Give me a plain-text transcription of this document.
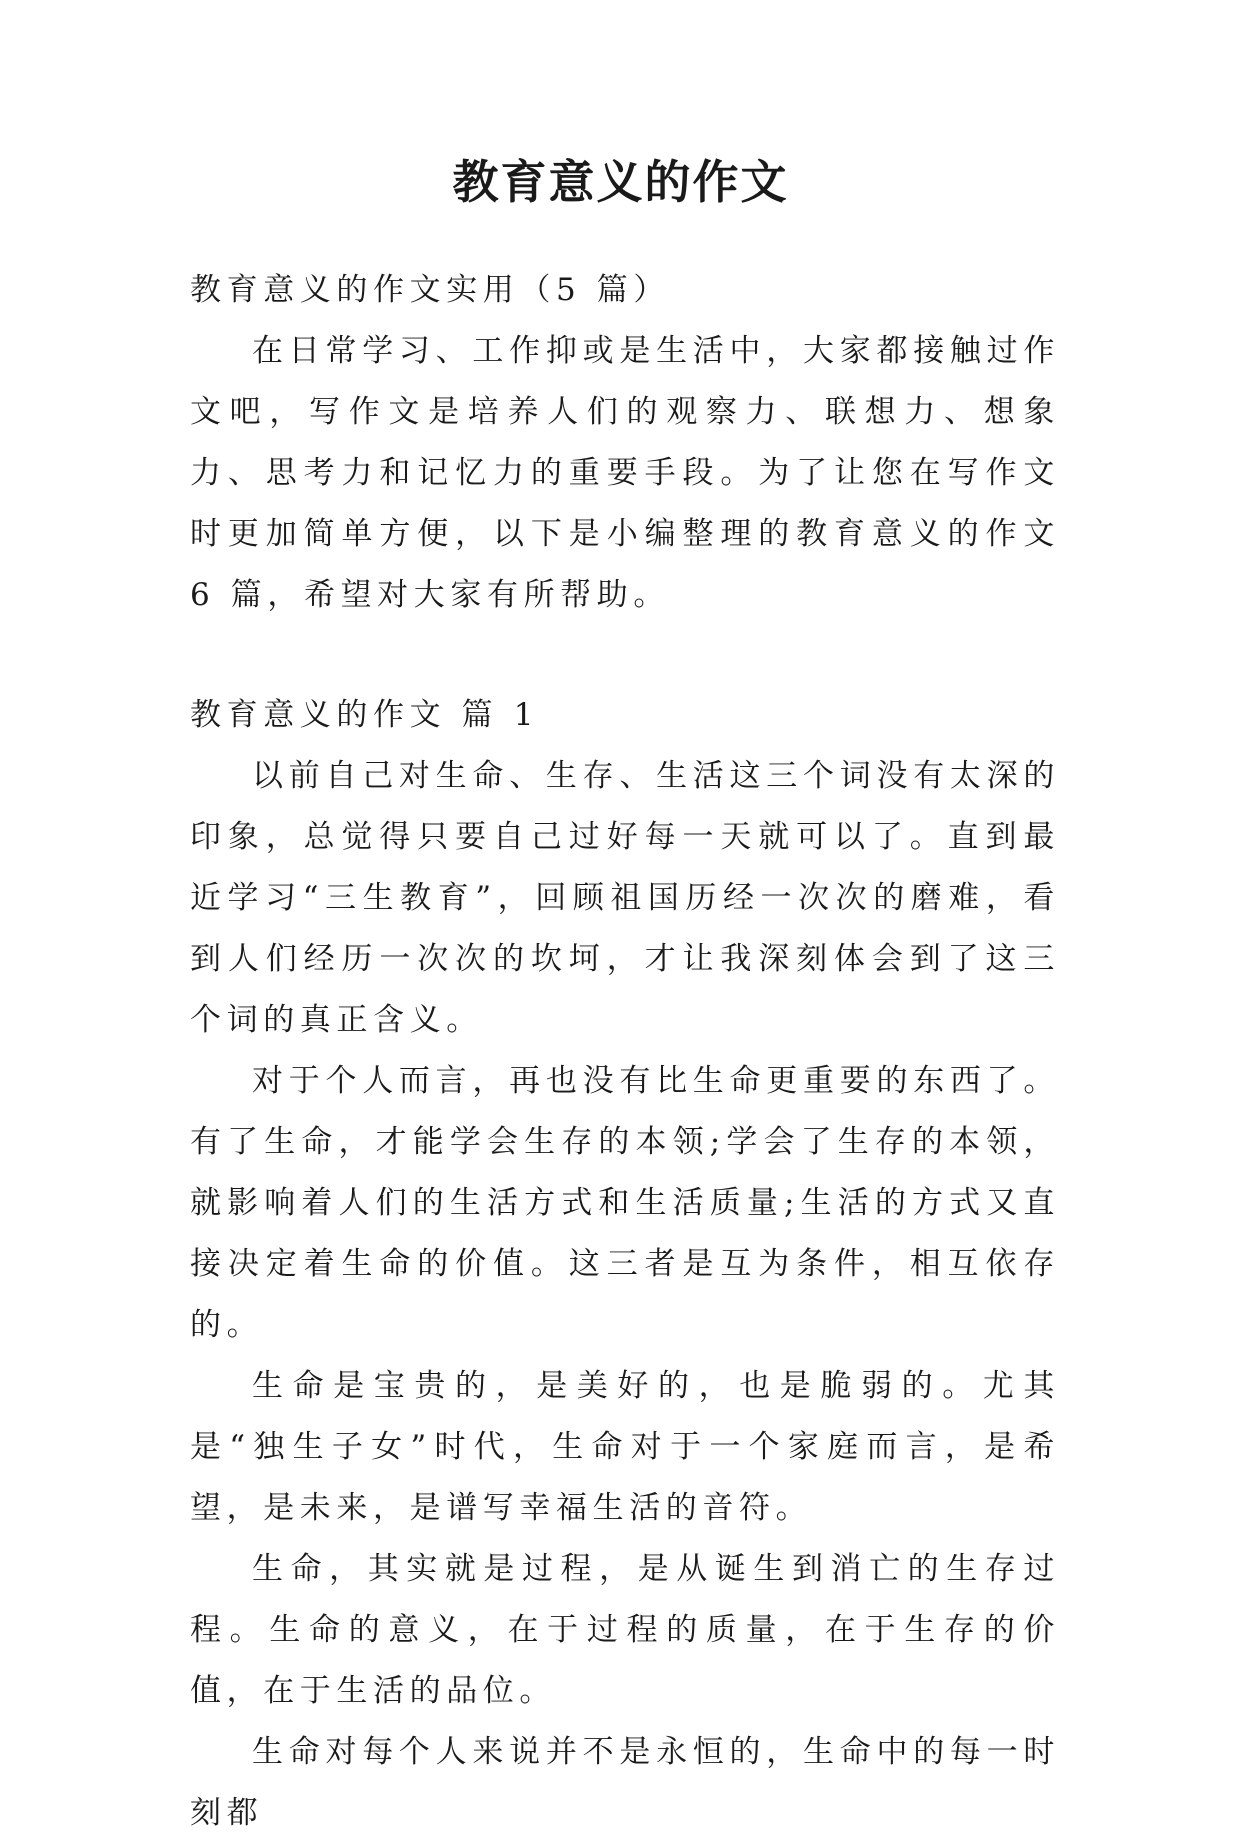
教育意义的作文

教育意义的作文实用（5 篇）

在日常学习、工作抑或是生活中，大家都接触过作文吧，写作文是培养人们的观察力、联想力、想象力、思考力和记忆力的重要手段。为了让您在写作文时更加简单方便，以下是小编整理的教育意义的作文 6 篇，希望对大家有所帮助。

教育意义的作文 篇 1

以前自己对生命、生存、生活这三个词没有太深的印象，总觉得只要自己过好每一天就可以了。直到最近学习“三生教育”，回顾祖国历经一次次的磨难，看到人们经历一次次的坎坷，才让我深刻体会到了这三个词的真正含义。

对于个人而言，再也没有比生命更重要的东西了。有了生命，才能学会生存的本领;学会了生存的本领，就影响着人们的生活方式和生活质量;生活的方式又直接决定着生命的价值。这三者是互为条件，相互依存的。

生命是宝贵的，是美好的，也是脆弱的。尤其是“独生子女”时代，生命对于一个家庭而言，是希望，是未来，是谱写幸福生活的音符。

生命，其实就是过程，是从诞生到消亡的生存过程。生命的意义，在于过程的质量，在于生存的价值，在于生活的品位。

生命对每个人来说并不是永恒的，生命中的每一时刻都
